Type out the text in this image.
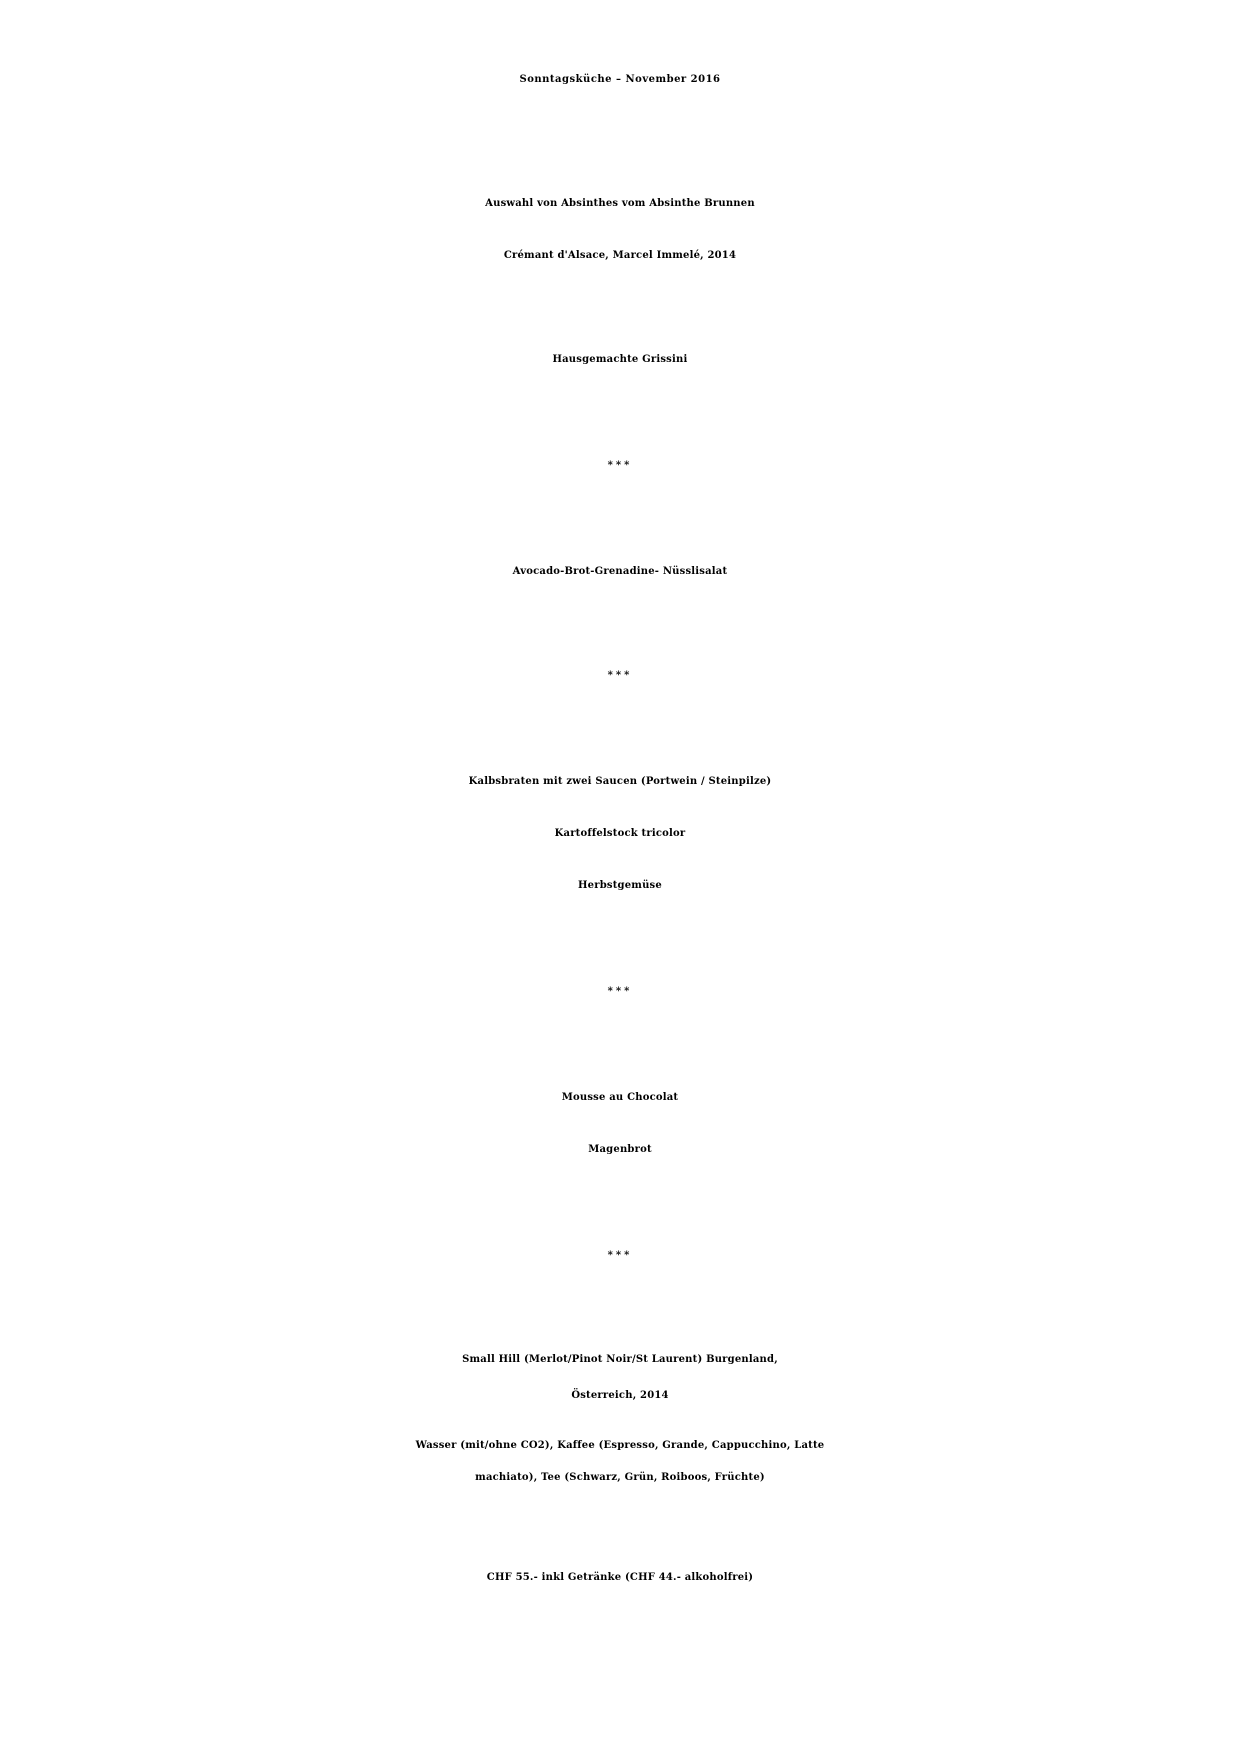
Sonntagsküche – November 2016
Auswahl von Absinthes vom Absinthe Brunnen
Crémant d'Alsace, Marcel Immelé, 2014
Hausgemachte Grissini
***
Avocado-Brot-Grenadine- Nüsslisalat
***
Kalbsbraten mit zwei Saucen (Portwein / Steinpilze)
Kartoffelstock tricolor
Herbstgemüse
***
Mousse au Chocolat
Magenbrot
***
Small Hill (Merlot/Pinot Noir/St Laurent) Burgenland,
Österreich, 2014
Wasser (mit/ohne CO2), Kaffee (Espresso, Grande, Cappucchino, Latte
machiato), Tee (Schwarz, Grün, Roiboos, Früchte)
CHF 55.- inkl Getränke (CHF 44.- alkoholfrei)
